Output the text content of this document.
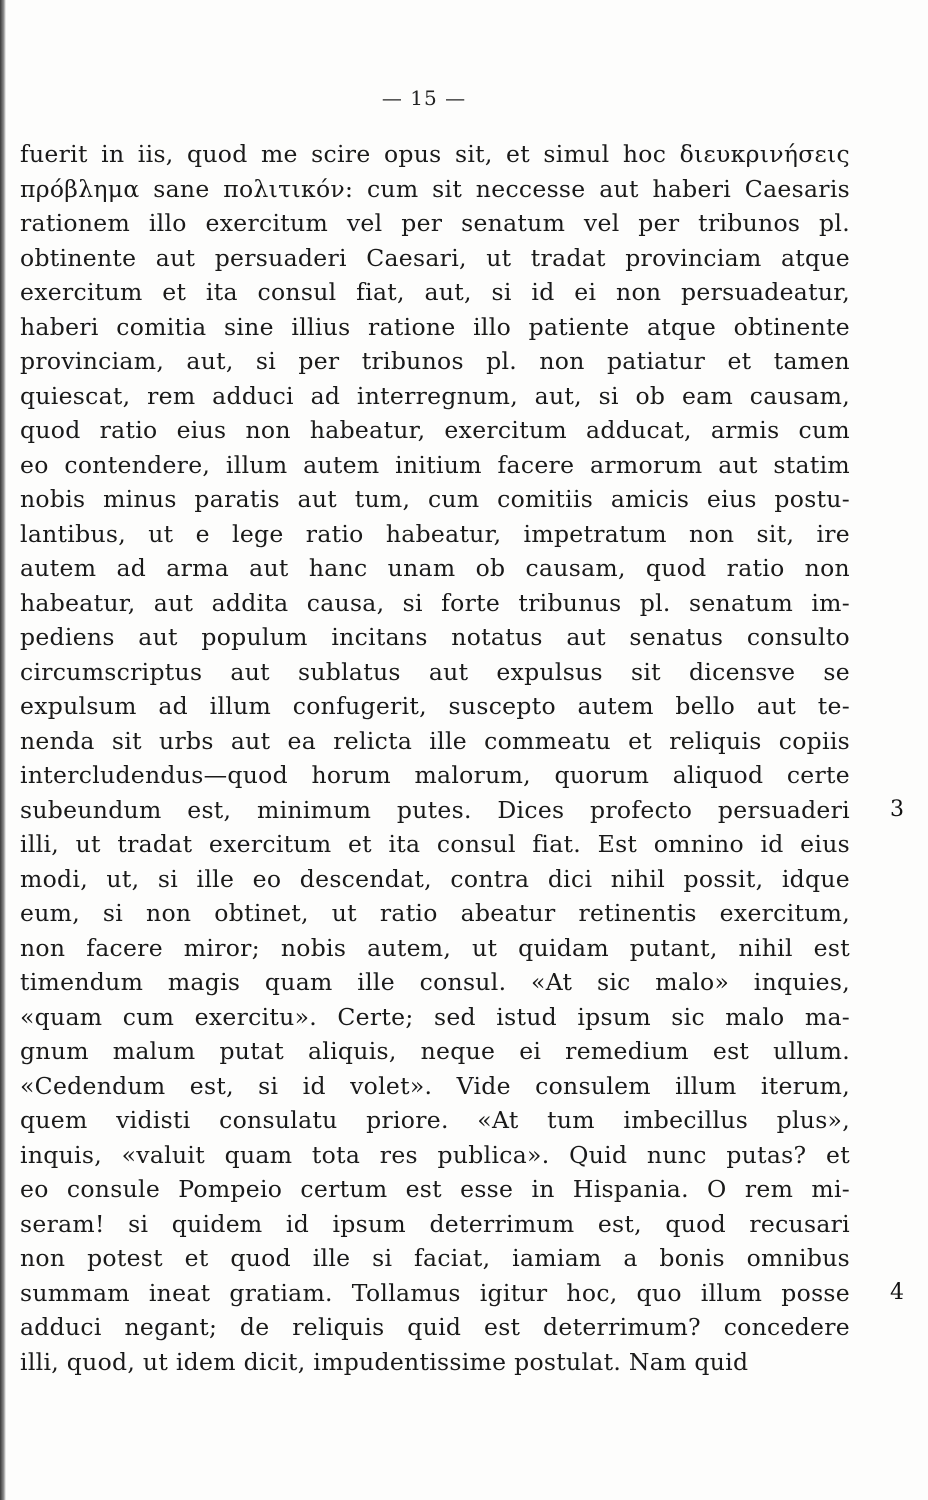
— 15 —
fuerit in iis, quod me scire opus sit, et simul hoc διευκρινήσεις
πρόβλημα sane πολιτικόν: cum sit neccesse aut haberi Caesaris
rationem illo exercitum vel per senatum vel per tribunos pl.
obtinente aut persuaderi Caesari, ut tradat provinciam atque
exercitum et ita consul fiat, aut, si id ei non persuadeatur,
haberi comitia sine illius ratione illo patiente atque obtinente
provinciam, aut, si per tribunos pl. non patiatur et tamen
quiescat, rem adduci ad interregnum, aut, si ob eam causam,
quod ratio eius non habeatur, exercitum adducat, armis cum
eo contendere, illum autem initium facere armorum aut statim
nobis minus paratis aut tum, cum comitiis amicis eius postu-
lantibus, ut e lege ratio habeatur, impetratum non sit, ire
autem ad arma aut hanc unam ob causam, quod ratio non
habeatur, aut addita causa, si forte tribunus pl. senatum im-
pediens aut populum incitans notatus aut senatus consulto
circumscriptus aut sublatus aut expulsus sit dicensve se
expulsum ad illum confugerit, suscepto autem bello aut te-
nenda sit urbs aut ea relicta ille commeatu et reliquis copiis
intercludendus—quod horum malorum, quorum aliquod certe
subeundum est, minimum putes. Dices profecto persuaderi 3
illi, ut tradat exercitum et ita consul fiat. Est omnino id eius
modi, ut, si ille eo descendat, contra dici nihil possit, idque
eum, si non obtinet, ut ratio abeatur retinentis exercitum,
non facere miror; nobis autem, ut quidam putant, nihil est
timendum magis quam ille consul. «At sic malo» inquies,
«quam cum exercitu». Certe; sed istud ipsum sic malo ma-
gnum malum putat aliquis, neque ei remedium est ullum.
«Cedendum est, si id volet». Vide consulem illum iterum,
quem vidisti consulatu priore. «At tum imbecillus plus»,
inquis, «valuit quam tota res publica». Quid nunc putas? et
eo consule Pompeio certum est esse in Hispania. O rem mi-
seram! si quidem id ipsum deterrimum est, quod recusari
non potest et quod ille si faciat, iamiam a bonis omnibus
summam ineat gratiam. Tollamus igitur hoc, quo illum posse 4
adduci negant; de reliquis quid est deterrimum? concedere
illi, quod, ut idem dicit, impudentissime postulat. Nam quid
